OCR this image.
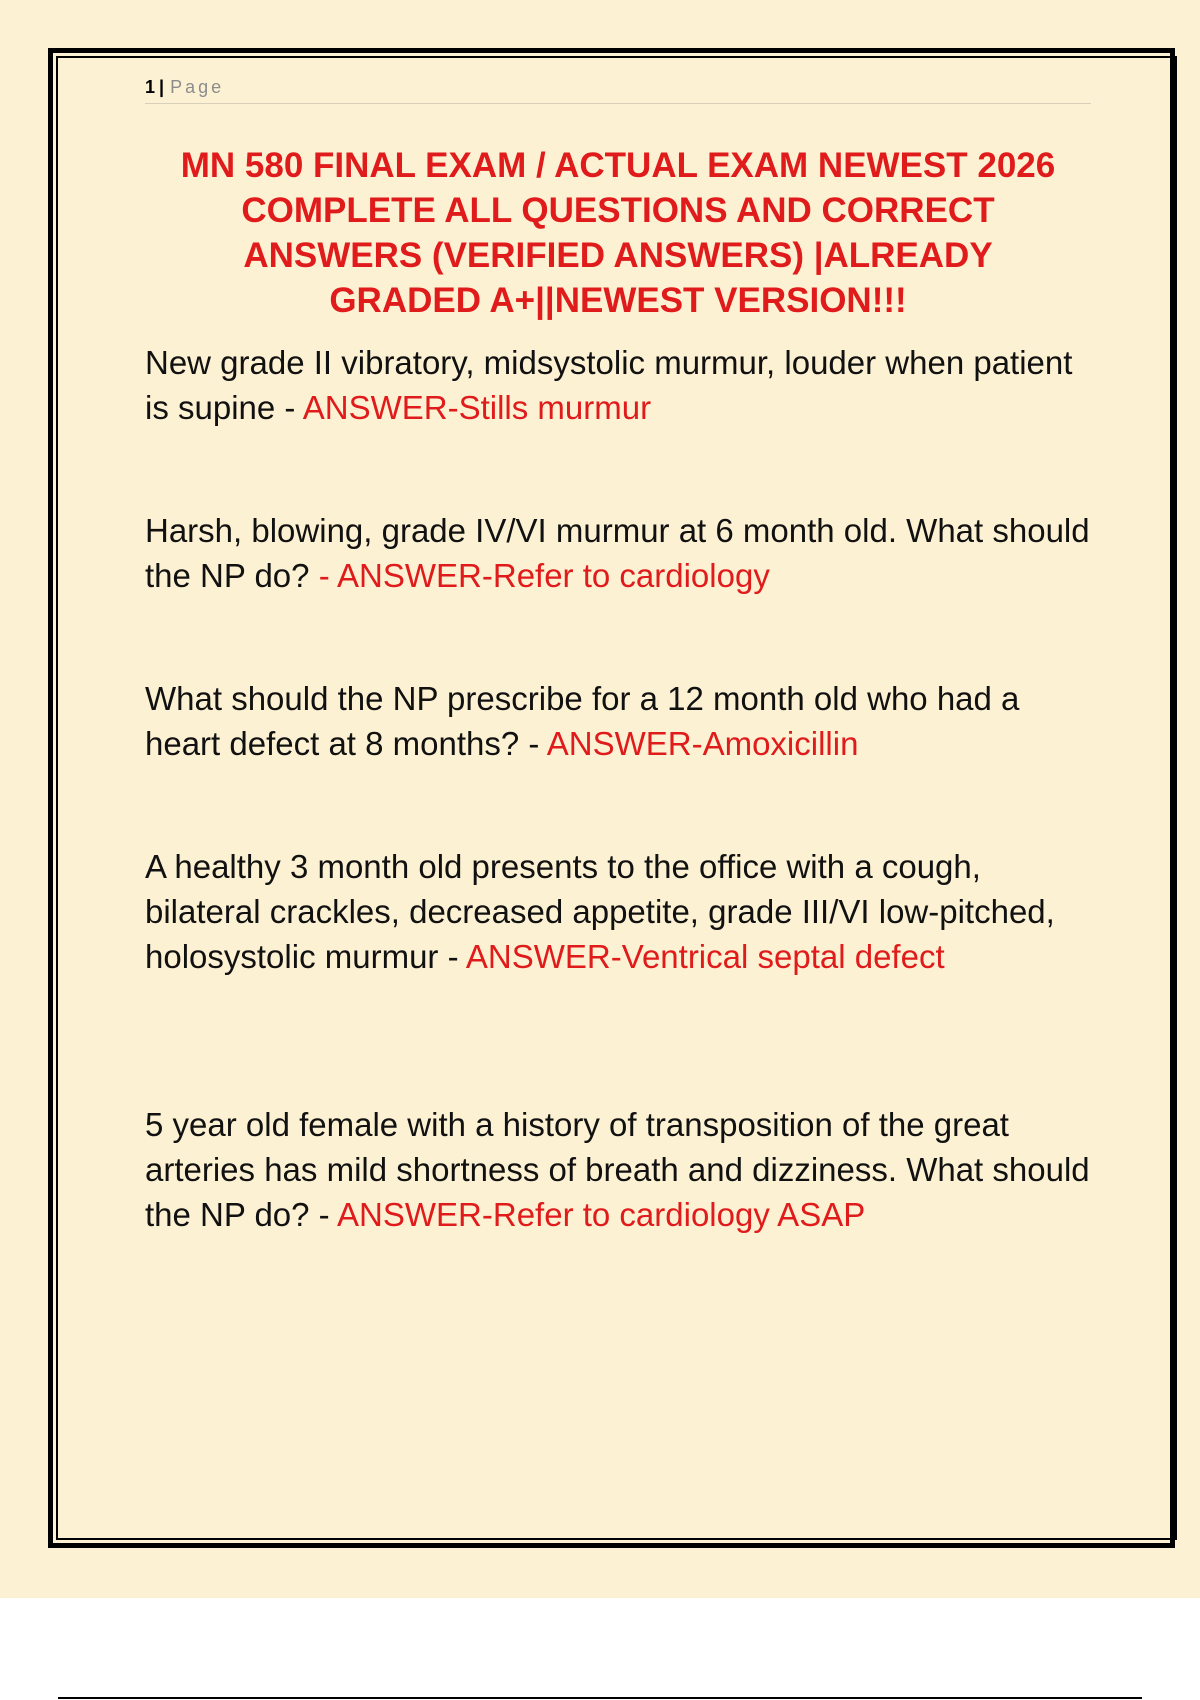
1 | Page
MN 580 FINAL EXAM / ACTUAL EXAM NEWEST 2026
COMPLETE ALL QUESTIONS AND CORRECT
ANSWERS (VERIFIED ANSWERS) |ALREADY
GRADED A+||NEWEST VERSION!!!
New grade II vibratory, midsystolic murmur, louder when patient is supine - ANSWER-Stills murmur
Harsh, blowing, grade IV/VI murmur at 6 month old. What should the NP do? - ANSWER-Refer to cardiology
What should the NP prescribe for a 12 month old who had a heart defect at 8 months? - ANSWER-Amoxicillin
A healthy 3 month old presents to the office with a cough, bilateral crackles, decreased appetite, grade III/VI low-pitched, holosystolic murmur - ANSWER-Ventrical septal defect
5 year old female with a history of transposition of the great arteries has mild shortness of breath and dizziness. What should the NP do? - ANSWER-Refer to cardiology ASAP
